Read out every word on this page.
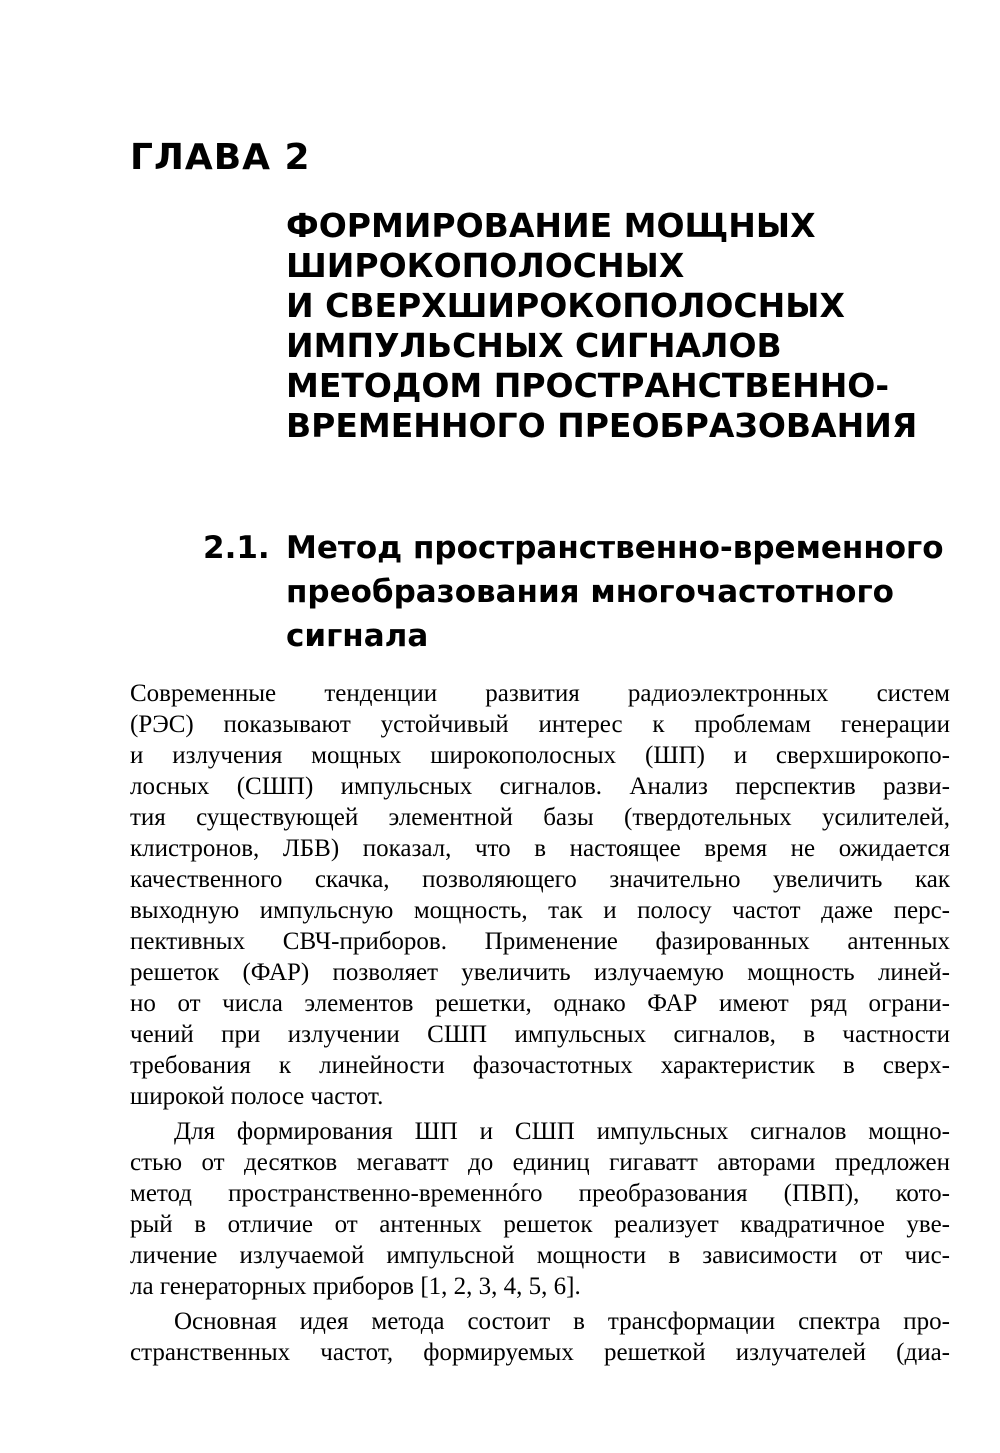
ГЛАВА 2
ФОРМИРОВАНИЕ МОЩНЫХ
ШИРОКОПОЛОСНЫХ
И СВЕРХШИРОКОПОЛОСНЫХ
ИМПУЛЬСНЫХ СИГНАЛОВ
МЕТОДОМ ПРОСТРАНСТВЕННО-
ВРЕМЕННОГО ПРЕОБРАЗОВАНИЯ
2.1. Метод пространственно-временного
преобразования многочастотного
сигнала
Современные тенденции развития радиоэлектронных систем
(РЭС) показывают устойчивый интерес к проблемам генерации
и излучения мощных широкополосных (ШП) и сверхширокопо-
лосных (СШП) импульсных сигналов. Анализ перспектив разви-
тия существующей элементной базы (твердотельных усилителей,
клистронов, ЛБВ) показал, что в настоящее время не ожидается
качественного скачка, позволяющего значительно увеличить как
выходную импульсную мощность, так и полосу частот даже перс-
пективных СВЧ-приборов. Применение фазированных антенных
решеток (ФАР) позволяет увеличить излучаемую мощность линей-
но от числа элементов решетки, однако ФАР имеют ряд ограни-
чений при излучении СШП импульсных сигналов, в частности
требования к линейности фазочастотных характеристик в сверх-
широкой полосе частот.
Для формирования ШП и СШП импульсных сигналов мощно-
стью от десятков мегаватт до единиц гигаватт авторами предложен
метод пространственно-временнóго преобразования (ПВП), кото-
рый в отличие от антенных решеток реализует квадратичное уве-
личение излучаемой импульсной мощности в зависимости от чис-
ла генераторных приборов [1, 2, 3, 4, 5, 6].
Основная идея метода состоит в трансформации спектра про-
странственных частот, формируемых решеткой излучателей (диа-
